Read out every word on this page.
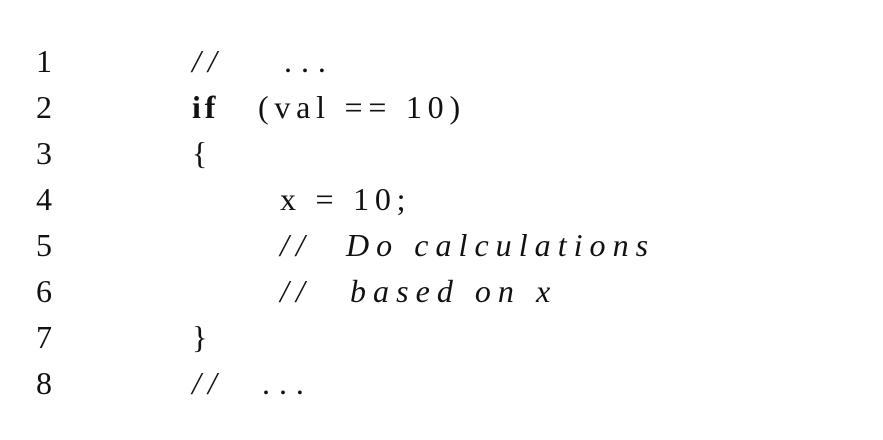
1	// ...
2	if (val == 10)
3	{
4	x = 10;
5	// Do calculations
6	// based on x
7	}
8	// ...
